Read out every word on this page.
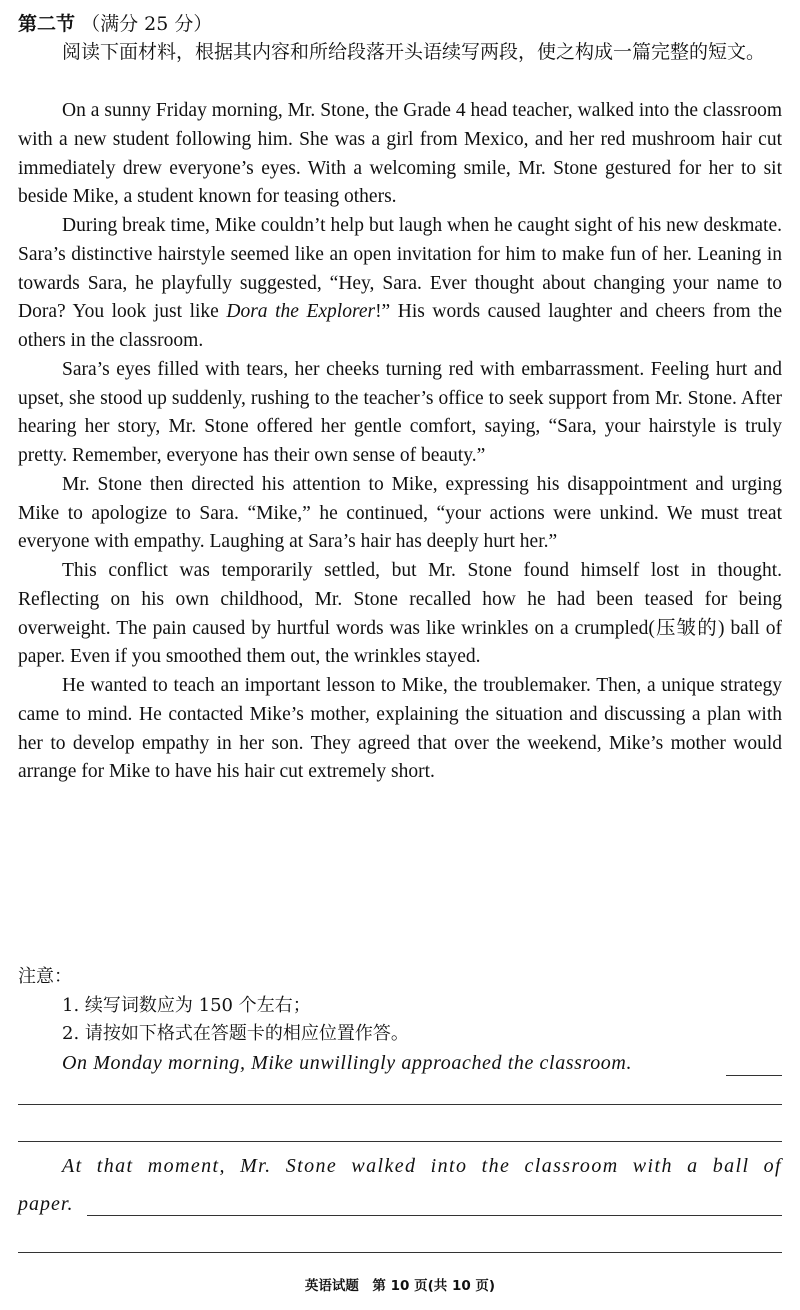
第二节 （满分 25 分）

阅读下面材料，根据其内容和所给段落开头语续写两段，使之构成一篇完整的短文。

On a sunny Friday morning, Mr. Stone, the Grade 4 head teacher, walked into the classroom with a new student following him. She was a girl from Mexico, and her red mushroom hair cut immediately drew everyone’s eyes. With a welcoming smile, Mr. Stone gestured for her to sit beside Mike, a student known for teasing others.

During break time, Mike couldn’t help but laugh when he caught sight of his new deskmate. Sara’s distinctive hairstyle seemed like an open invitation for him to make fun of her. Leaning in towards Sara, he playfully suggested, “Hey, Sara. Ever thought about changing your name to Dora? You look just like Dora the Explorer!” His words caused laughter and cheers from the others in the classroom.

Sara’s eyes filled with tears, her cheeks turning red with embarrassment. Feeling hurt and upset, she stood up suddenly, rushing to the teacher’s office to seek support from Mr. Stone. After hearing her story, Mr. Stone offered her gentle comfort, saying, “Sara, your hairstyle is truly pretty. Remember, everyone has their own sense of beauty.”

Mr. Stone then directed his attention to Mike, expressing his disappointment and urging Mike to apologize to Sara. “Mike,” he continued, “your actions were unkind. We must treat everyone with empathy. Laughing at Sara’s hair has deeply hurt her.”

This conflict was temporarily settled, but Mr. Stone found himself lost in thought. Reflecting on his own childhood, Mr. Stone recalled how he had been teased for being overweight. The pain caused by hurtful words was like wrinkles on a crumpled(压皱的) ball of paper. Even if you smoothed them out, the wrinkles stayed.

He wanted to teach an important lesson to Mike, the troublemaker. Then, a unique strategy came to mind. He contacted Mike’s mother, explaining the situation and discussing a plan with her to develop empathy in her son. They agreed that over the weekend, Mike’s mother would arrange for Mike to have his hair cut extremely short.

注意：

1. 续写词数应为 150 个左右；

2. 请按如下格式在答题卡的相应位置作答。

On Monday morning, Mike unwillingly approached the classroom.
At that moment, Mr. Stone walked into the classroom with a ball of
paper.
英语试题　第 10 页(共 10 页)
